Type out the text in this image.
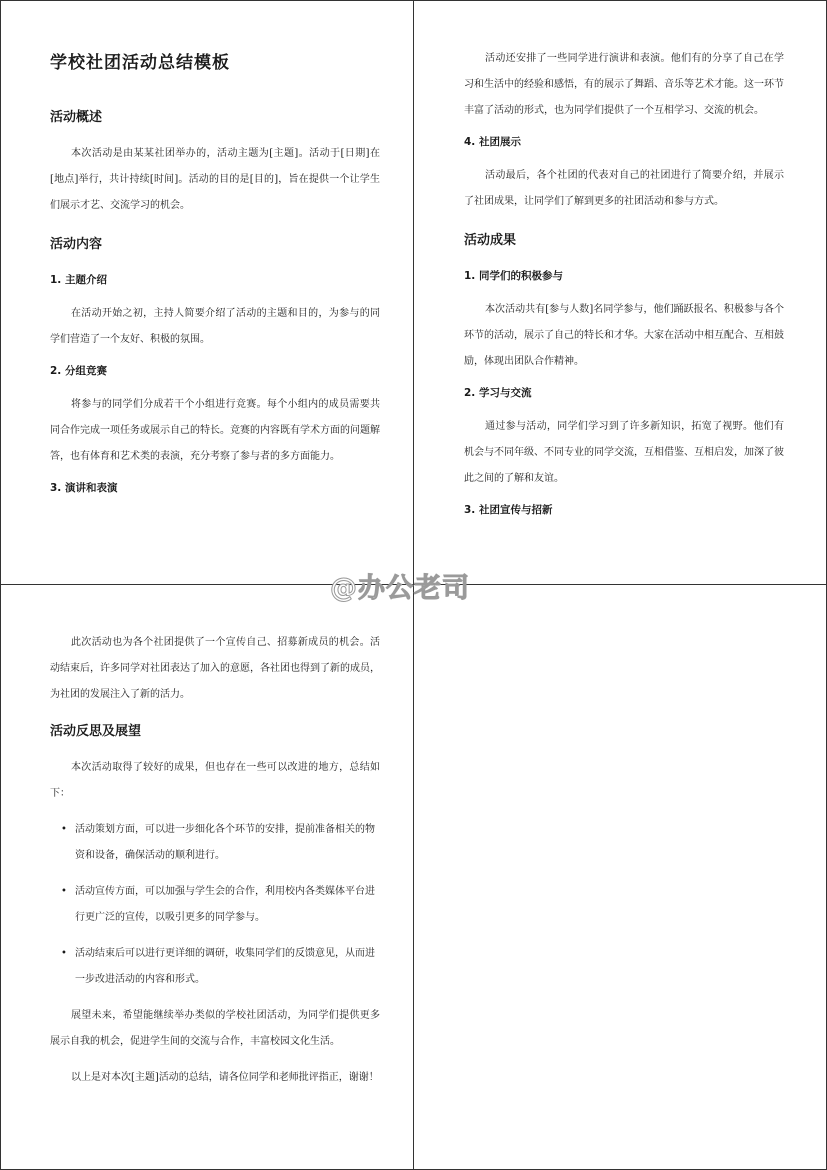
学校社团活动总结模板
活动概述

本次活动是由某某社团举办的，活动主题为[主题]。活动于[日期]在[地点]举行，共计持续[时间]。活动的目的是[目的]，旨在提供一个让学生们展示才艺、交流学习的机会。

活动内容
1. 主题介绍

在活动开始之初，主持人简要介绍了活动的主题和目的，为参与的同学们营造了一个友好、积极的氛围。

2. 分组竞赛

将参与的同学们分成若干个小组进行竞赛。每个小组内的成员需要共同合作完成一项任务或展示自己的特长。竞赛的内容既有学术方面的问题解答，也有体育和艺术类的表演，充分考察了参与者的多方面能力。

3. 演讲和表演

活动还安排了一些同学进行演讲和表演。他们有的分享了自己在学习和生活中的经验和感悟，有的展示了舞蹈、音乐等艺术才能。这一环节丰富了活动的形式，也为同学们提供了一个互相学习、交流的机会。

4. 社团展示

活动最后，各个社团的代表对自己的社团进行了简要介绍，并展示了社团成果，让同学们了解到更多的社团活动和参与方式。

活动成果
1. 同学们的积极参与

本次活动共有[参与人数]名同学参与，他们踊跃报名、积极参与各个环节的活动，展示了自己的特长和才华。大家在活动中相互配合、互相鼓励，体现出团队合作精神。

2. 学习与交流

通过参与活动，同学们学习到了许多新知识，拓宽了视野。他们有机会与不同年级、不同专业的同学交流，互相借鉴、互相启发，加深了彼此之间的了解和友谊。

3. 社团宣传与招新

此次活动也为各个社团提供了一个宣传自己、招募新成员的机会。活动结束后，许多同学对社团表达了加入的意愿，各社团也得到了新的成员，为社团的发展注入了新的活力。

活动反思及展望

本次活动取得了较好的成果，但也存在一些可以改进的地方，总结如下：

• 活动策划方面，可以进一步细化各个环节的安排，提前准备相关的物资和设备，确保活动的顺利进行。
• 活动宣传方面，可以加强与学生会的合作，利用校内各类媒体平台进行更广泛的宣传，以吸引更多的同学参与。
• 活动结束后可以进行更详细的调研，收集同学们的反馈意见，从而进一步改进活动的内容和形式。

展望未来，希望能继续举办类似的学校社团活动，为同学们提供更多展示自我的机会，促进学生间的交流与合作，丰富校园文化生活。

以上是对本次[主题]活动的总结，请各位同学和老师批评指正，谢谢！

@办公老司
